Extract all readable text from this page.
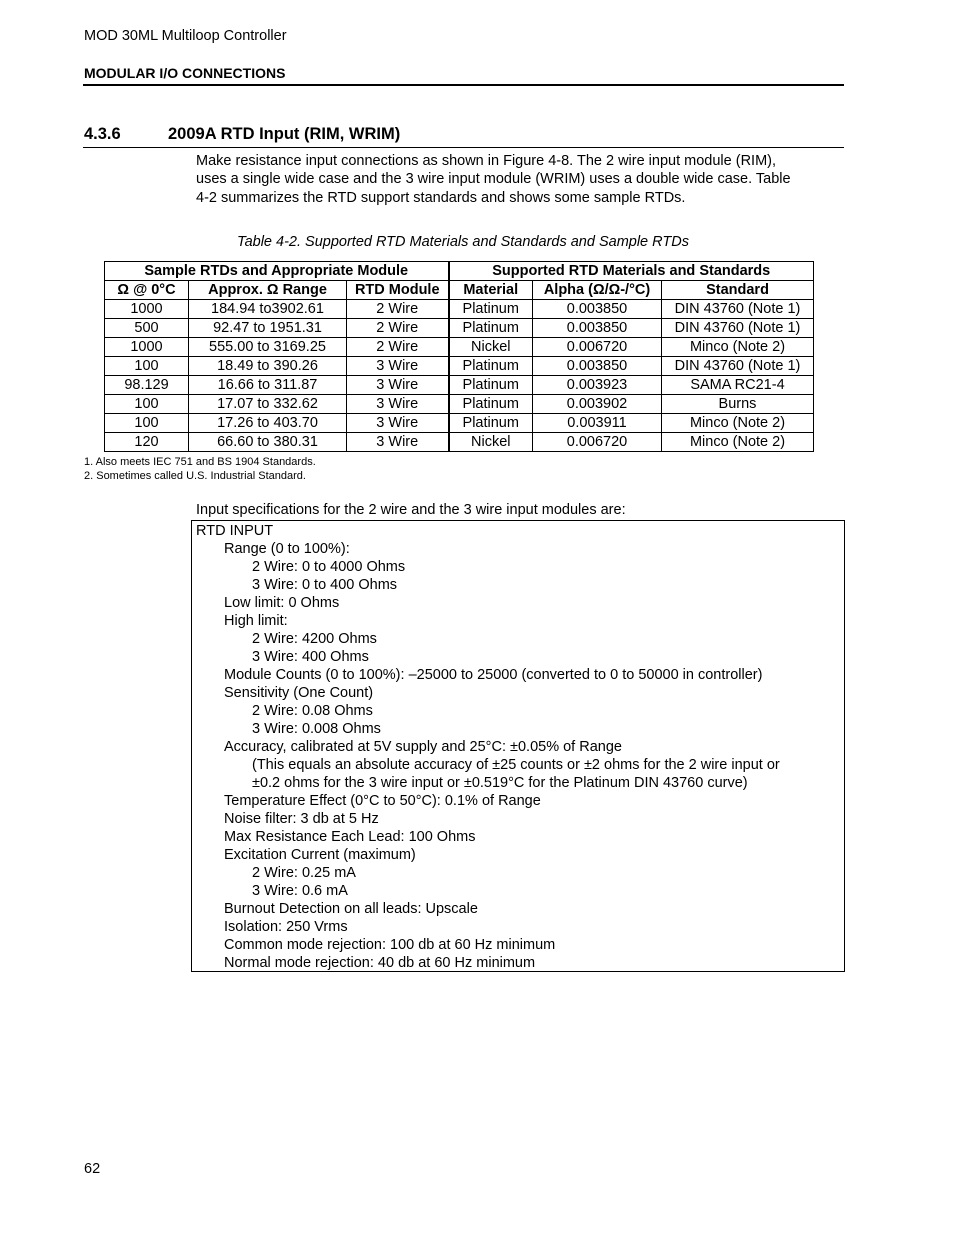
MOD 30ML Multiloop Controller
MODULAR I/O CONNECTIONS
4.3.6	2009A RTD Input (RIM, WRIM)
Make resistance input connections as shown in Figure 4-8. The 2 wire input module (RIM),
uses a single wide case and the 3 wire input module (WRIM) uses a double wide case. Table
4-2 summarizes the RTD support standards and shows some sample RTDs.
Table 4-2. Supported RTD Materials and Standards and Sample RTDs
Sample RTDs and Appropriate Module			Supported RTD Materials and Standards		
Ω @ 0°C	Approx. Ω Range	RTD Module	Material	Alpha (Ω/Ω-/°C)	Standard
1000	184.94 to3902.61	2 Wire	Platinum	0.003850	DIN 43760 (Note 1)
500	92.47 to 1951.31	2 Wire	Platinum	0.003850	DIN 43760 (Note 1)
1000	555.00 to 3169.25	2 Wire	Nickel	0.006720	Minco (Note 2)
100	18.49 to 390.26	3 Wire	Platinum	0.003850	DIN 43760 (Note 1)
98.129	16.66 to 311.87	3 Wire	Platinum	0.003923	SAMA RC21-4
100	17.07 to 332.62	3 Wire	Platinum	0.003902	Burns
100	17.26 to 403.70	3 Wire	Platinum	0.003911	Minco (Note 2)
120	66.60 to 380.31	3 Wire	Nickel	0.006720	Minco (Note 2)
1. Also meets IEC 751 and BS 1904 Standards.
2. Sometimes called U.S. Industrial Standard.
Input specifications for the 2 wire and the 3 wire input modules are:
RTD INPUT
Range (0 to 100%):
2 Wire: 0 to 4000 Ohms
3 Wire: 0 to 400 Ohms
Low limit: 0 Ohms
High limit:
2 Wire: 4200 Ohms
3 Wire: 400 Ohms
Module Counts (0 to 100%): –25000 to 25000 (converted to 0 to 50000 in controller)
Sensitivity (One Count)
2 Wire: 0.08 Ohms
3 Wire: 0.008 Ohms
Accuracy, calibrated at 5V supply and 25°C: ±0.05% of Range
(This equals an absolute accuracy of ±25 counts or ±2 ohms for the 2 wire input or
±0.2 ohms for the 3 wire input or ±0.519°C for the Platinum DIN 43760 curve)
Temperature Effect (0°C to 50°C): 0.1% of Range
Noise filter: 3 db at 5 Hz
Max Resistance Each Lead: 100 Ohms
Excitation Current (maximum)
2 Wire: 0.25 mA
3 Wire: 0.6 mA
Burnout Detection on all leads: Upscale
Isolation: 250 Vrms
Common mode rejection: 100 db at 60 Hz minimum
Normal mode rejection: 40 db at 60 Hz minimum
62
